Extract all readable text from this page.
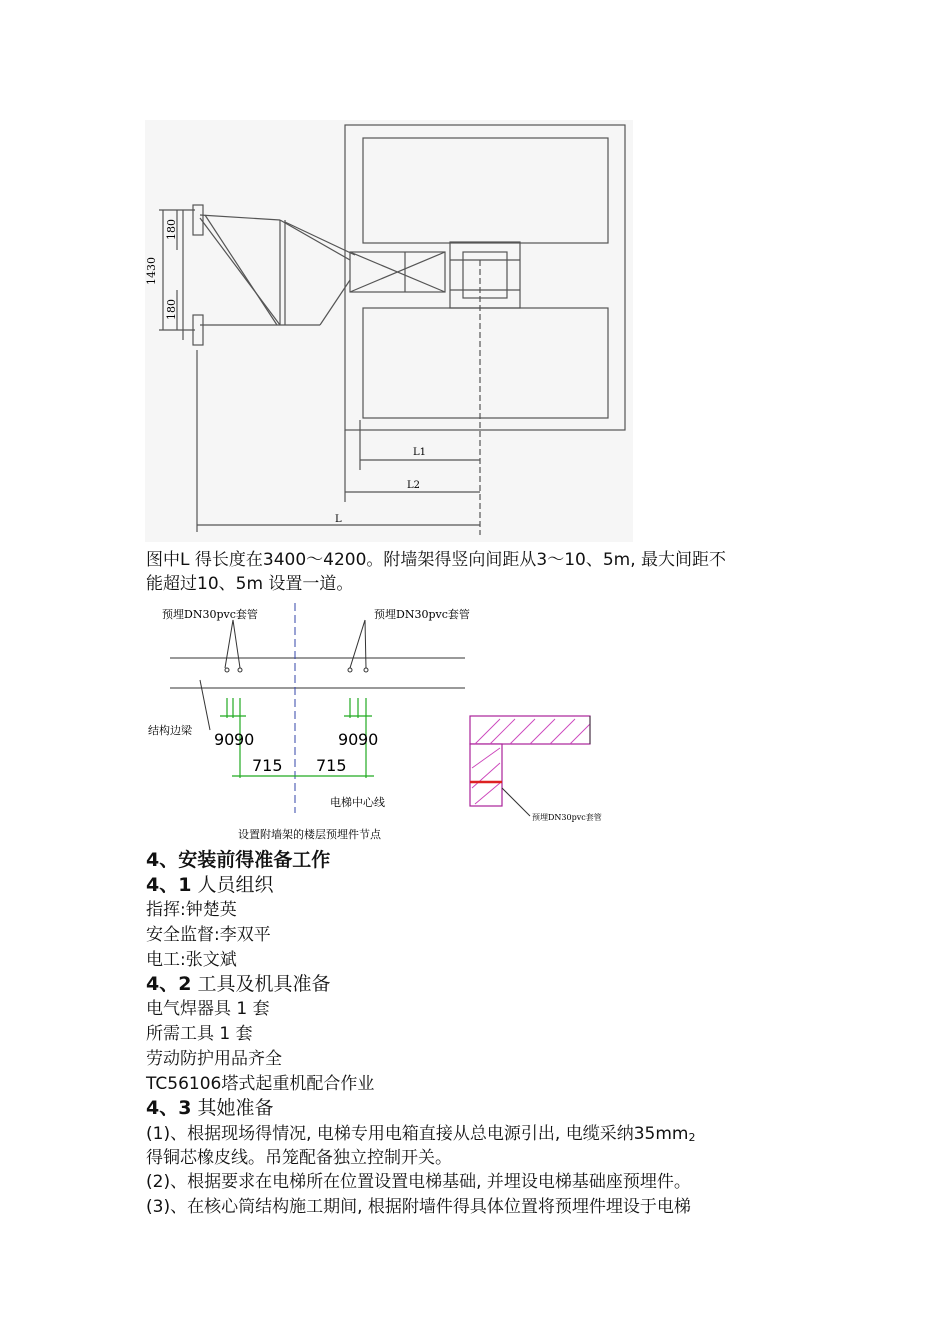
180
1430
180
L1
L2
L
图中L 得长度在3400～4200。附墙架得竖向间距从3～10、5m, 最大间距不
能超过10、5m 设置一道。
预埋DN30pvc套管	预埋DN30pvc套管
结构边梁 90 90	90 90
715 715
电梯中心线
设置附墙架的楼层预埋件节点
预埋DN30pvc套管
4、安装前得准备工作
4、1 人员组织
指挥:钟楚英
安全监督:李双平
电工:张文斌
4、2 工具及机具准备
电气焊器具 1 套
所需工具 1 套
劳动防护用品齐全
TC56106塔式起重机配合作业
4、3 其她准备
(1)、根据现场得情况, 电梯专用电箱直接从总电源引出, 电缆采纳35mm2
得铜芯橡皮线。吊笼配备独立控制开关。
(2)、根据要求在电梯所在位置设置电梯基础, 并埋设电梯基础座预埋件。
(3)、在核心筒结构施工期间, 根据附墙件得具体位置将预埋件埋设于电梯
